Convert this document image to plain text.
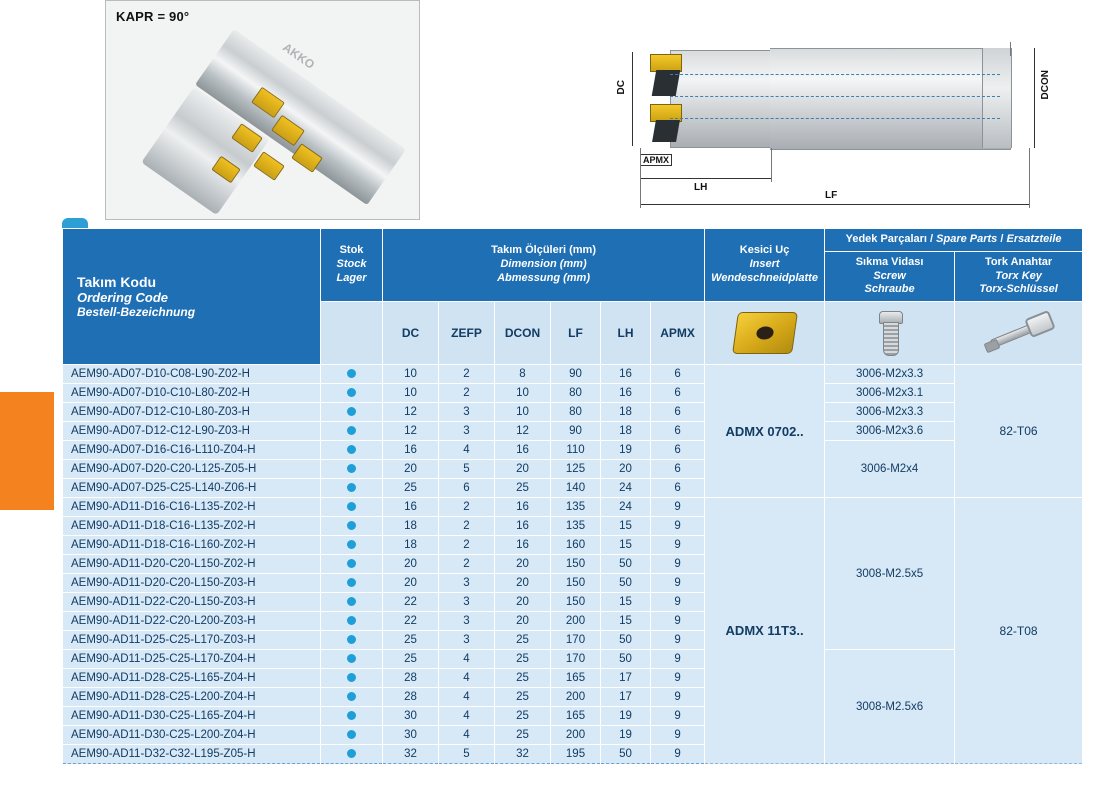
KAPR = 90°
AKKO
DC	DCON
APMX
LH
LF
Takım Kodu
Ordering Code
Bestell-Bezeichnung

Stok
Stock
Lager

Takım Ölçüleri (mm)
Dimension (mm)
Abmessung (mm)

Kesici Uç
Insert
Wendeschneidplatte
	Yedek Parçaları / Spare Parts / Ersatzteile

Sıkma Vidası
Screw
Schraube

Tork Anahtar
Torx Key
Torx-Schlüssel

		DC	ZEFP	DCON	LF	LH	APMX	

AEM90-AD07-D10-C08-L90-Z02-H		10	2	8	90	16	6	ADMX 0702..	3006-M2x3.3	82-T06
AEM90-AD07-D10-C10-L80-Z02-H		10	2	10	80	16	6		3006-M2x3.1	
AEM90-AD07-D12-C10-L80-Z03-H		12	3	10	80	18	6		3006-M2x3.3	
AEM90-AD07-D12-C12-L90-Z03-H		12	3	12	90	18	6		3006-M2x3.6	
AEM90-AD07-D16-C16-L110-Z04-H		16	4	16	110	19	6		3006-M2x4	
AEM90-AD07-D20-C20-L125-Z05-H		20	5	20	125	20	6			
AEM90-AD07-D25-C25-L140-Z06-H		25	6	25	140	24	6			
AEM90-AD11-D16-C16-L135-Z02-H		16	2	16	135	24	9	ADMX 11T3..	3008-M2.5x5	82-T08
AEM90-AD11-D18-C16-L135-Z02-H		18	2	16	135	15	9			
AEM90-AD11-D18-C16-L160-Z02-H		18	2	16	160	15	9			
AEM90-AD11-D20-C20-L150-Z02-H		20	2	20	150	50	9			
AEM90-AD11-D20-C20-L150-Z03-H		20	3	20	150	50	9			
AEM90-AD11-D22-C20-L150-Z03-H		22	3	20	150	15	9			
AEM90-AD11-D22-C20-L200-Z03-H		22	3	20	200	15	9			
AEM90-AD11-D25-C25-L170-Z03-H		25	3	25	170	50	9			
AEM90-AD11-D25-C25-L170-Z04-H		25	4	25	170	50	9		3008-M2.5x6	
AEM90-AD11-D28-C25-L165-Z04-H		28	4	25	165	17	9			
AEM90-AD11-D28-C25-L200-Z04-H		28	4	25	200	17	9			
AEM90-AD11-D30-C25-L165-Z04-H		30	4	25	165	19	9			
AEM90-AD11-D30-C25-L200-Z04-H		30	4	25	200	19	9			
AEM90-AD11-D32-C32-L195-Z05-H		32	5	32	195	50	9			
